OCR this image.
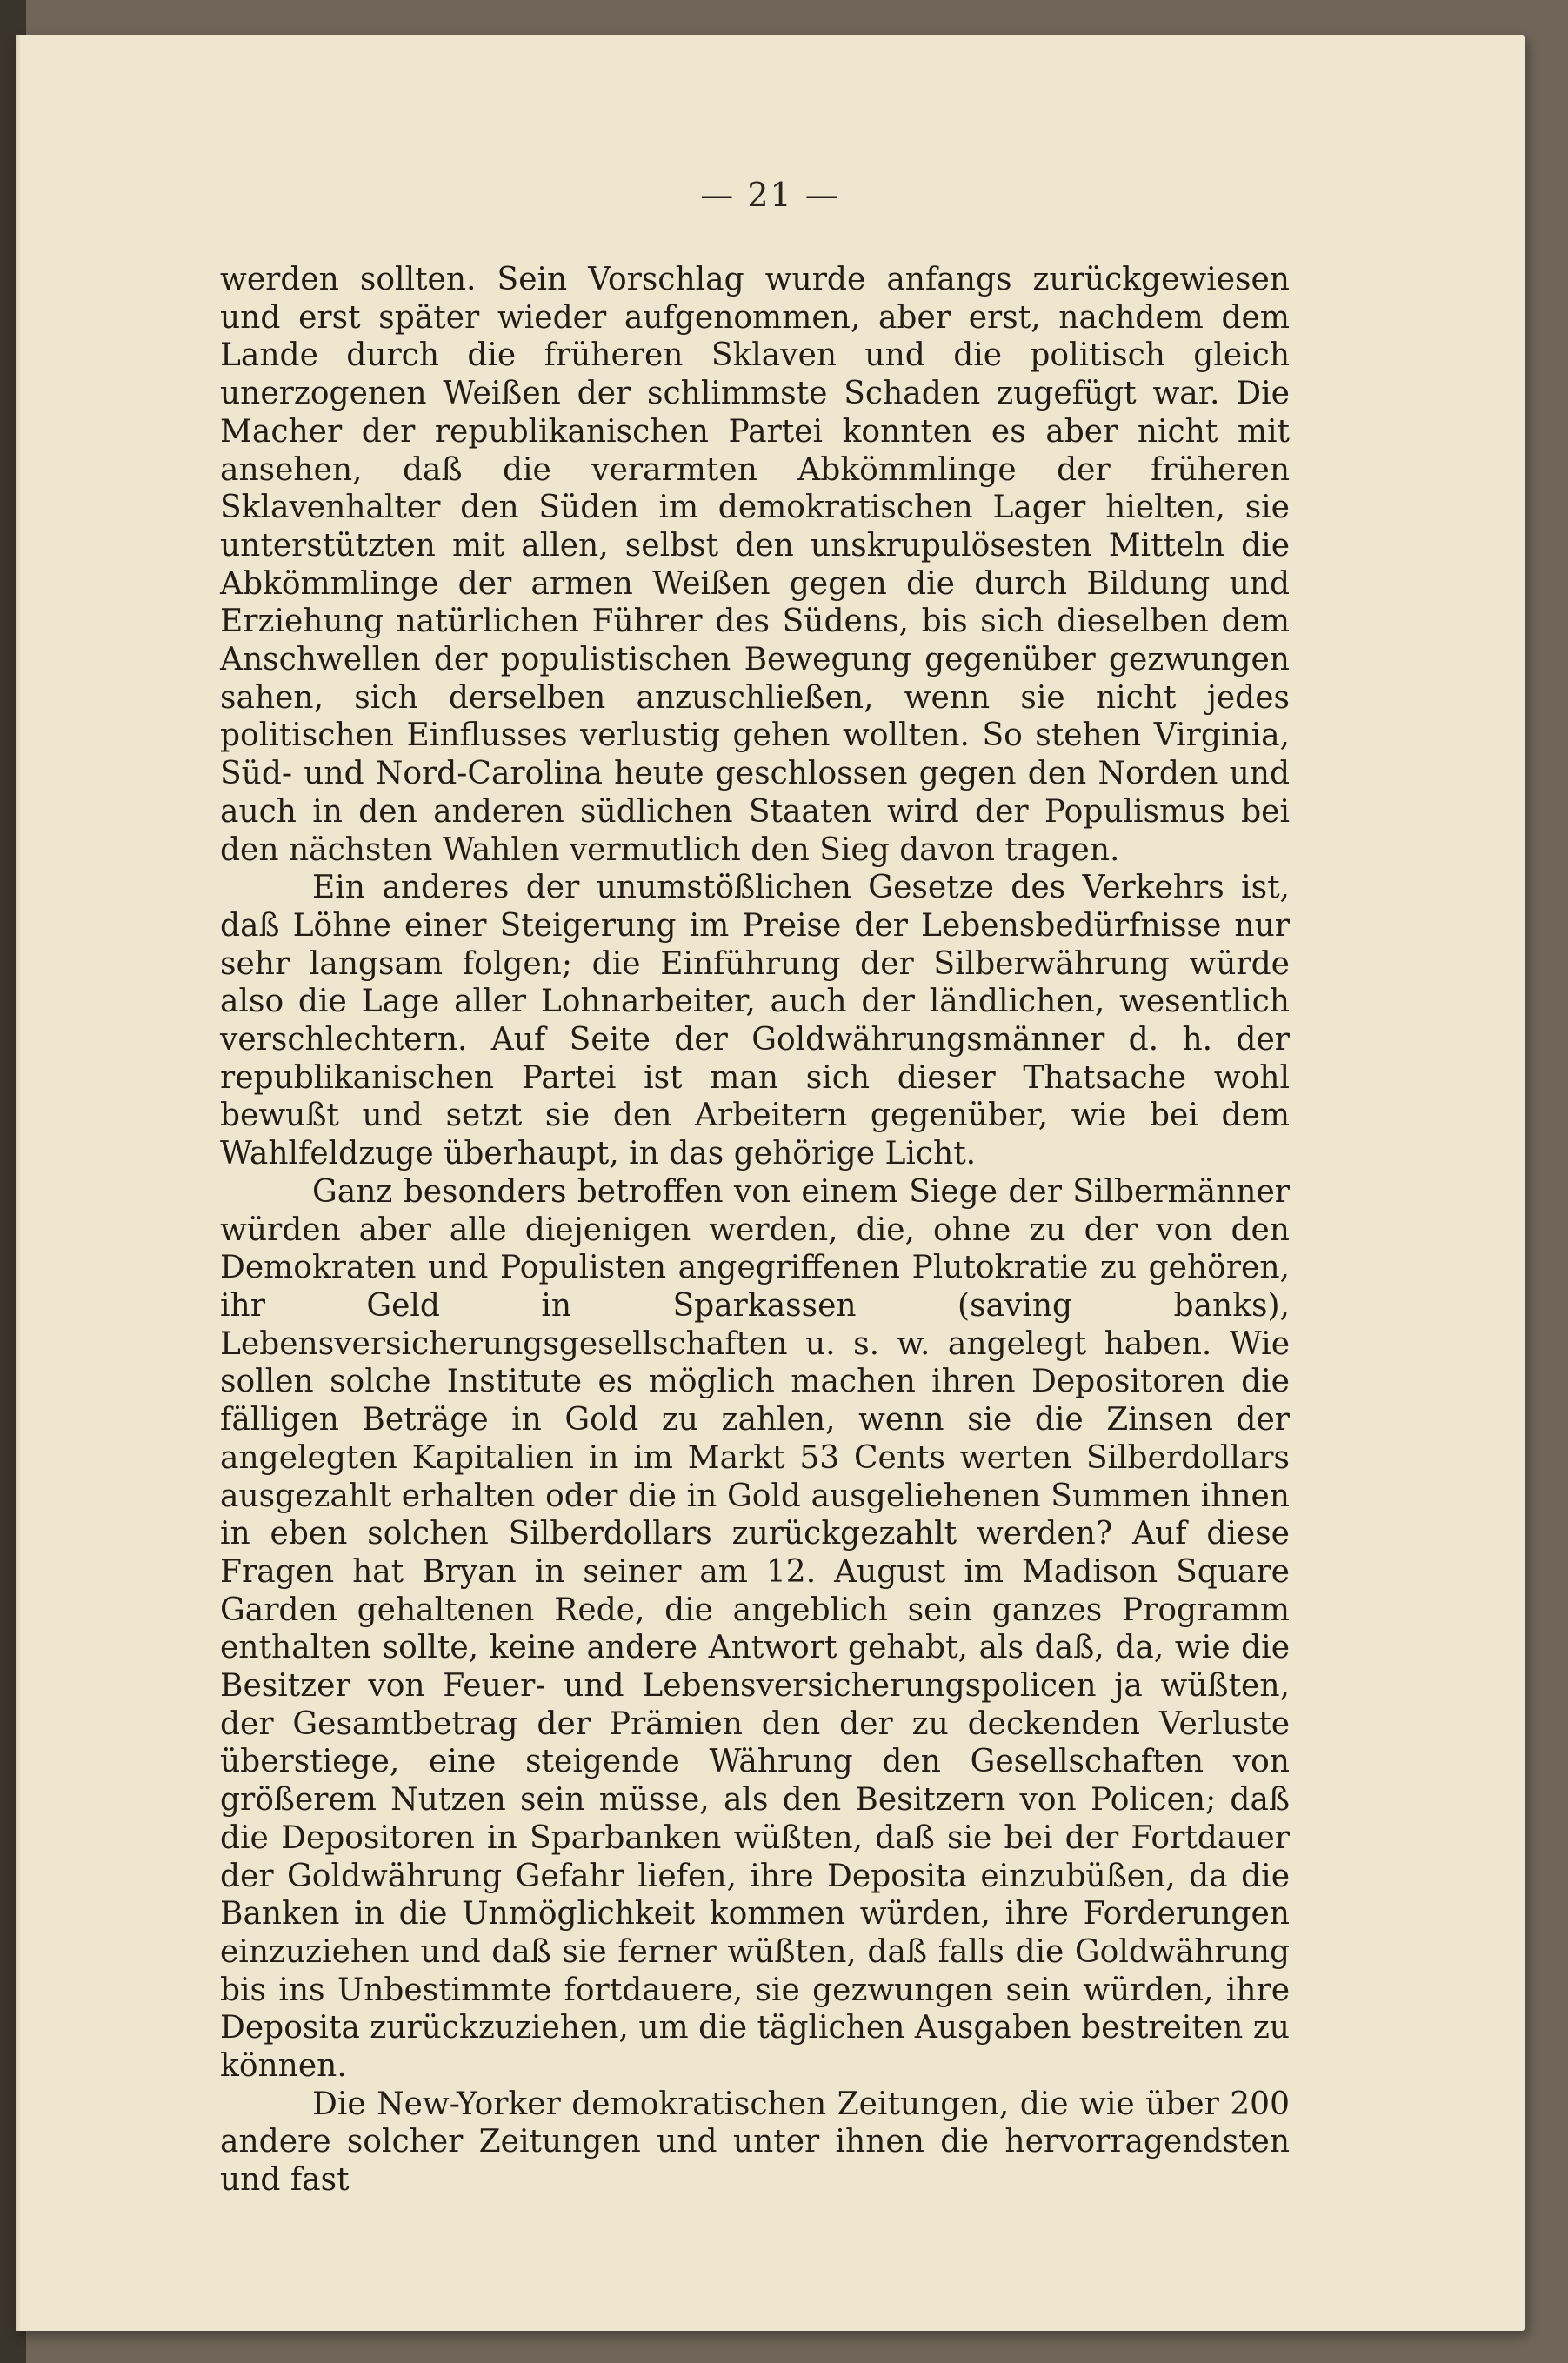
— 21 —

werden sollten. Sein Vorschlag wurde anfangs zurückgewiesen und erst später wieder aufgenommen, aber erst, nachdem dem Lande durch die früheren Sklaven und die politisch gleich unerzogenen Weißen der schlimmste Schaden zugefügt war. Die Macher der republikanischen Partei konnten es aber nicht mit ansehen, daß die verarmten Abkömmlinge der früheren Sklavenhalter den Süden im demokratischen Lager hielten, sie unterstützten mit allen, selbst den unskrupulösesten Mitteln die Abkömmlinge der armen Weißen gegen die durch Bildung und Erziehung natürlichen Führer des Südens, bis sich dieselben dem Anschwellen der populistischen Bewegung gegenüber gezwungen sahen, sich derselben anzuschließen, wenn sie nicht jedes politischen Einflusses verlustig gehen wollten. So stehen Virginia, Süd- und Nord-Carolina heute geschlossen gegen den Norden und auch in den anderen südlichen Staaten wird der Populismus bei den nächsten Wahlen vermutlich den Sieg davon tragen.

Ein anderes der unumstößlichen Gesetze des Verkehrs ist, daß Löhne einer Steigerung im Preise der Lebensbedürfnisse nur sehr langsam folgen; die Einführung der Silberwährung würde also die Lage aller Lohnarbeiter, auch der ländlichen, wesentlich verschlechtern. Auf Seite der Goldwährungsmänner d. h. der republikanischen Partei ist man sich dieser Thatsache wohl bewußt und setzt sie den Arbeitern gegenüber, wie bei dem Wahlfeldzuge überhaupt, in das gehörige Licht.

Ganz besonders betroffen von einem Siege der Silbermänner würden aber alle diejenigen werden, die, ohne zu der von den Demokraten und Populisten angegriffenen Plutokratie zu gehören, ihr Geld in Sparkassen (saving banks), Lebensversicherungsgesellschaften u. s. w. angelegt haben. Wie sollen solche Institute es möglich machen ihren Depositoren die fälligen Beträge in Gold zu zahlen, wenn sie die Zinsen der angelegten Kapitalien in im Markt 53 Cents werten Silberdollars ausgezahlt erhalten oder die in Gold ausgeliehenen Summen ihnen in eben solchen Silberdollars zurückgezahlt werden? Auf diese Fragen hat Bryan in seiner am 12. August im Madison Square Garden gehaltenen Rede, die angeblich sein ganzes Programm enthalten sollte, keine andere Antwort gehabt, als daß, da, wie die Besitzer von Feuer- und Lebensversicherungspolicen ja wüßten, der Gesamtbetrag der Prämien den der zu deckenden Verluste überstiege, eine steigende Währung den Gesellschaften von größerem Nutzen sein müsse, als den Besitzern von Policen; daß die Depositoren in Sparbanken wüßten, daß sie bei der Fortdauer der Goldwährung Gefahr liefen, ihre Deposita einzubüßen, da die Banken in die Unmöglichkeit kommen würden, ihre Forderungen einzuziehen und daß sie ferner wüßten, daß falls die Goldwährung bis ins Unbestimmte fortdauere, sie gezwungen sein würden, ihre Deposita zurückzuziehen, um die täglichen Ausgaben bestreiten zu können.

Die New-Yorker demokratischen Zeitungen, die wie über 200 andere solcher Zeitungen und unter ihnen die hervorragendsten und fast
